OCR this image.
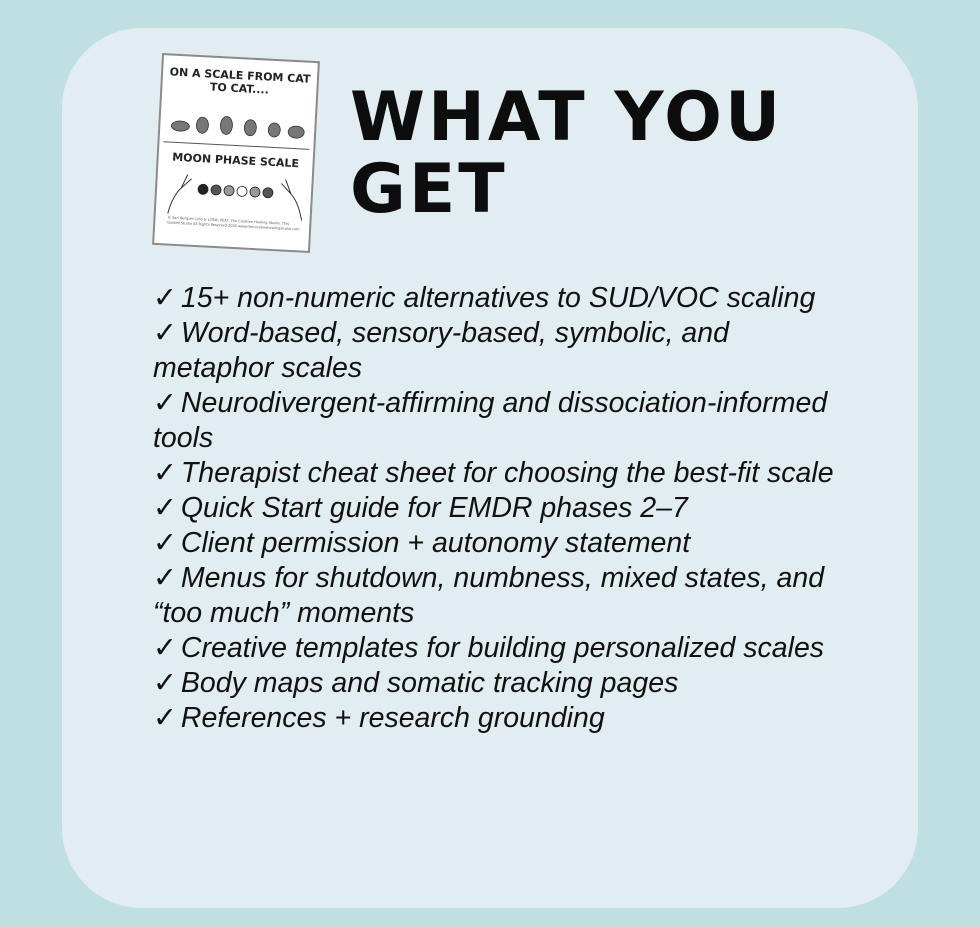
ON A SCALE FROM CAT TO CAT....
MOON PHASE SCALE
© Sari Bergsen Libo & LCSW, PEAT, The Creative Healing Studio. This Guided Studio All Rights Reserved 2025 www.thecreativehealingstudio.com
WHAT YOU
GET
✓ 15+ non-numeric alternatives to SUD/VOC scaling
✓ Word-based, sensory-based, symbolic, and metaphor scales
✓ Neurodivergent-affirming and dissociation-informed tools
✓ Therapist cheat sheet for choosing the best-fit scale
✓ Quick Start guide for EMDR phases 2–7
✓ Client permission + autonomy statement
✓ Menus for shutdown, numbness, mixed states, and “too much” moments
✓ Creative templates for building personalized scales
✓ Body maps and somatic tracking pages
✓ References + research grounding
